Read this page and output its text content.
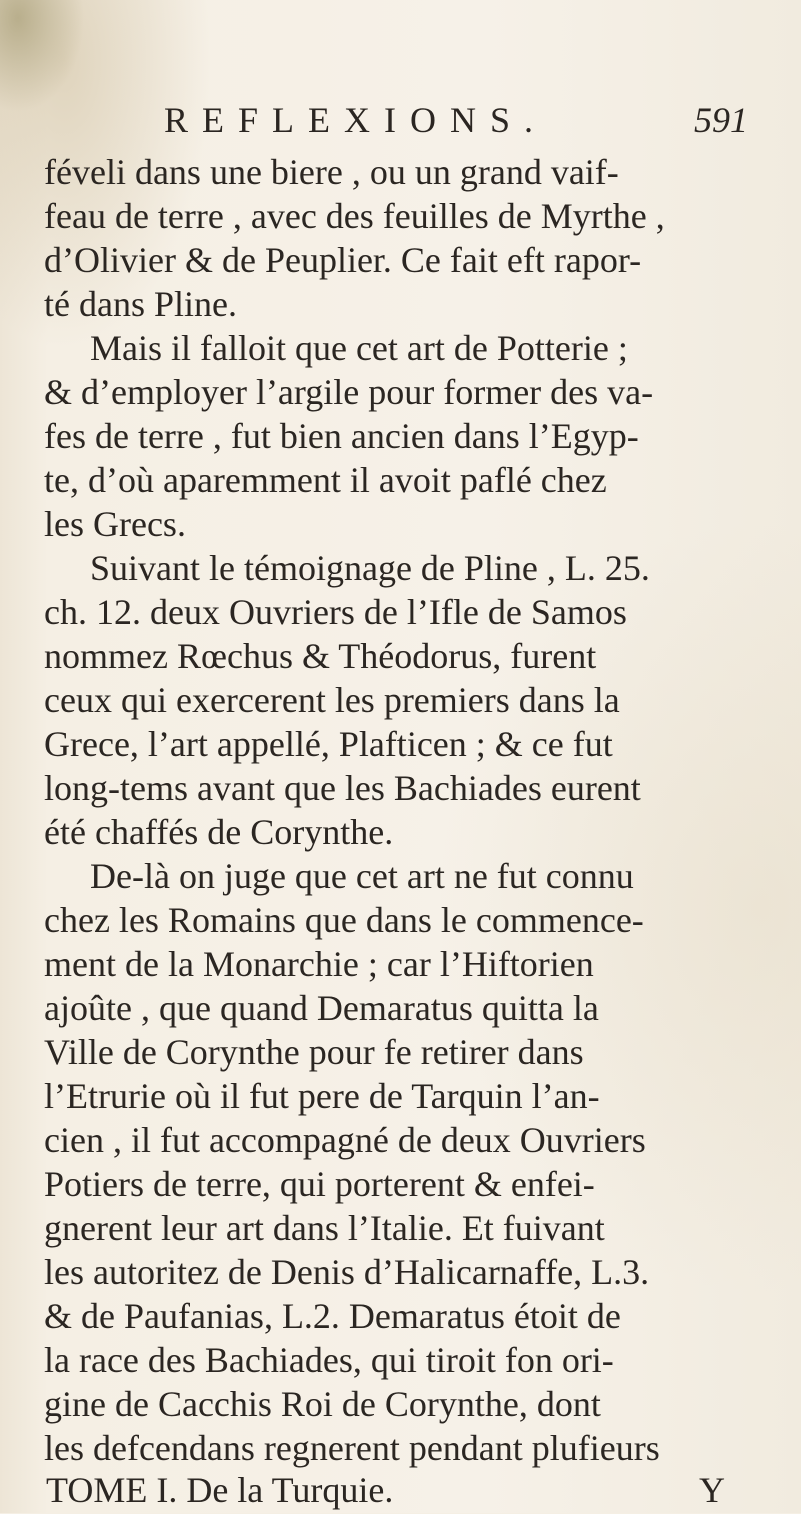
REFLEXIONS.	591
féveli dans une biere , ou un grand vaif-
feau de terre , avec des feuilles de Myrthe ,
d’Olivier & de Peuplier. Ce fait eft rapor-
té dans Pline.
Mais il falloit que cet art de Potterie ;
& d’employer l’argile pour former des va-
fes de terre , fut bien ancien dans l’Egyp-
te, d’où aparemment il avoit paflé chez
les Grecs.
Suivant le témoignage de Pline , L. 25.
ch. 12. deux Ouvriers de l’Ifle de Samos
nommez Rœchus & Théodorus, furent
ceux qui exercerent les premiers dans la
Grece, l’art appellé, Plafticen ; & ce fut
long-tems avant que les Bachiades eurent
été chaffés de Corynthe.
De-là on juge que cet art ne fut connu
chez les Romains que dans le commence-
ment de la Monarchie ; car l’Hiftorien
ajoûte , que quand Demaratus quitta la
Ville de Corynthe pour fe retirer dans
l’Etrurie où il fut pere de Tarquin l’an-
cien , il fut accompagné de deux Ouvriers
Potiers de terre, qui porterent & enfei-
gnerent leur art dans l’Italie. Et fuivant
les autoritez de Denis d’Halicarnaffe, L.3.
& de Paufanias, L.2. Demaratus étoit de
la race des Bachiades, qui tiroit fon ori-
gine de Cacchis Roi de Corynthe, dont
les defcendans regnerent pendant plufieurs
TOME I. De la Turquie.	Y
